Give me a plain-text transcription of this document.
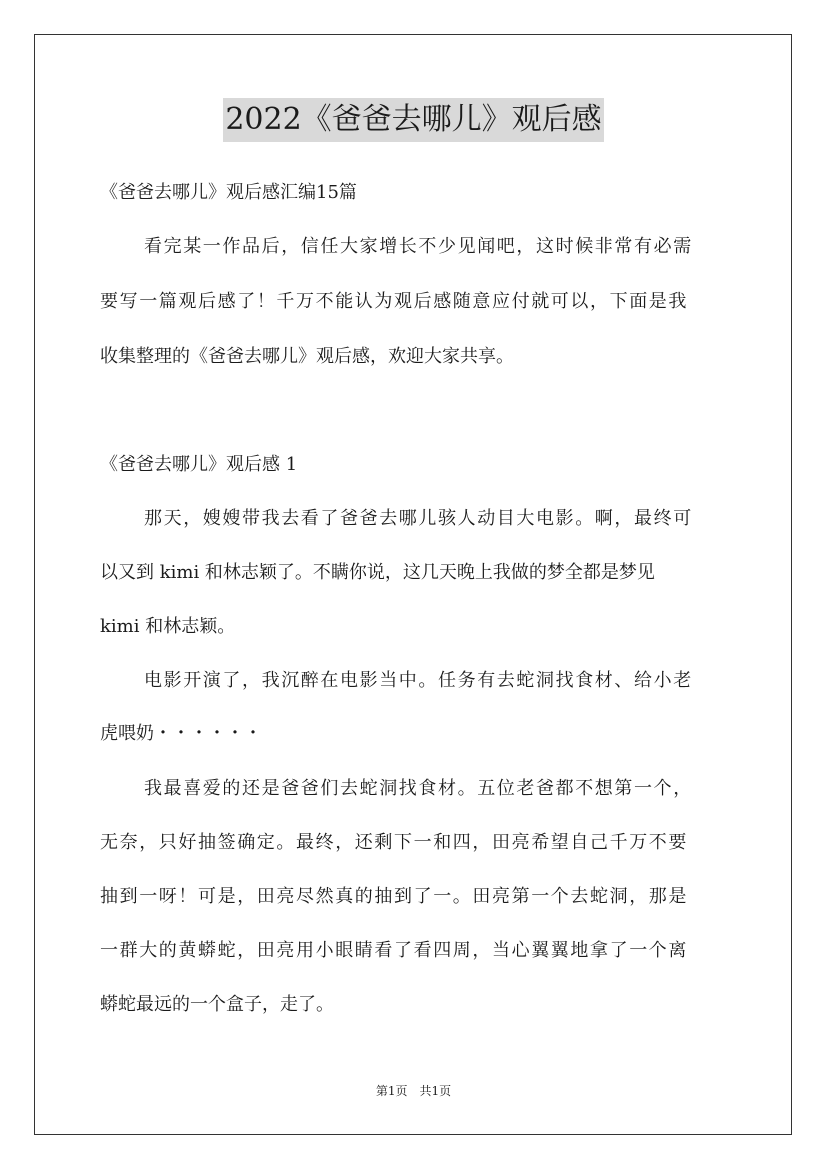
2022《爸爸去哪儿》观后感
《爸爸去哪儿》观后感汇编15篇
看完某一作品后，信任大家增长不少见闻吧，这时候非常有必需
要写一篇观后感了！千万不能认为观后感随意应付就可以，下面是我
收集整理的《爸爸去哪儿》观后感，欢迎大家共享。
《爸爸去哪儿》观后感 1
那天，嫂嫂带我去看了爸爸去哪儿骇人动目大电影。啊，最终可
以又到 kimi 和林志颖了。不瞒你说，这几天晚上我做的梦全都是梦见
kimi 和林志颖。
电影开演了，我沉醉在电影当中。任务有去蛇洞找食材、给小老
虎喂奶・・・・・・
我最喜爱的还是爸爸们去蛇洞找食材。五位老爸都不想第一个，
无奈，只好抽签确定。最终，还剩下一和四，田亮希望自己千万不要
抽到一呀！可是，田亮尽然真的抽到了一。田亮第一个去蛇洞，那是
一群大的黄蟒蛇，田亮用小眼睛看了看四周，当心翼翼地拿了一个离
蟒蛇最远的一个盒子，走了。
第1页　共1页
